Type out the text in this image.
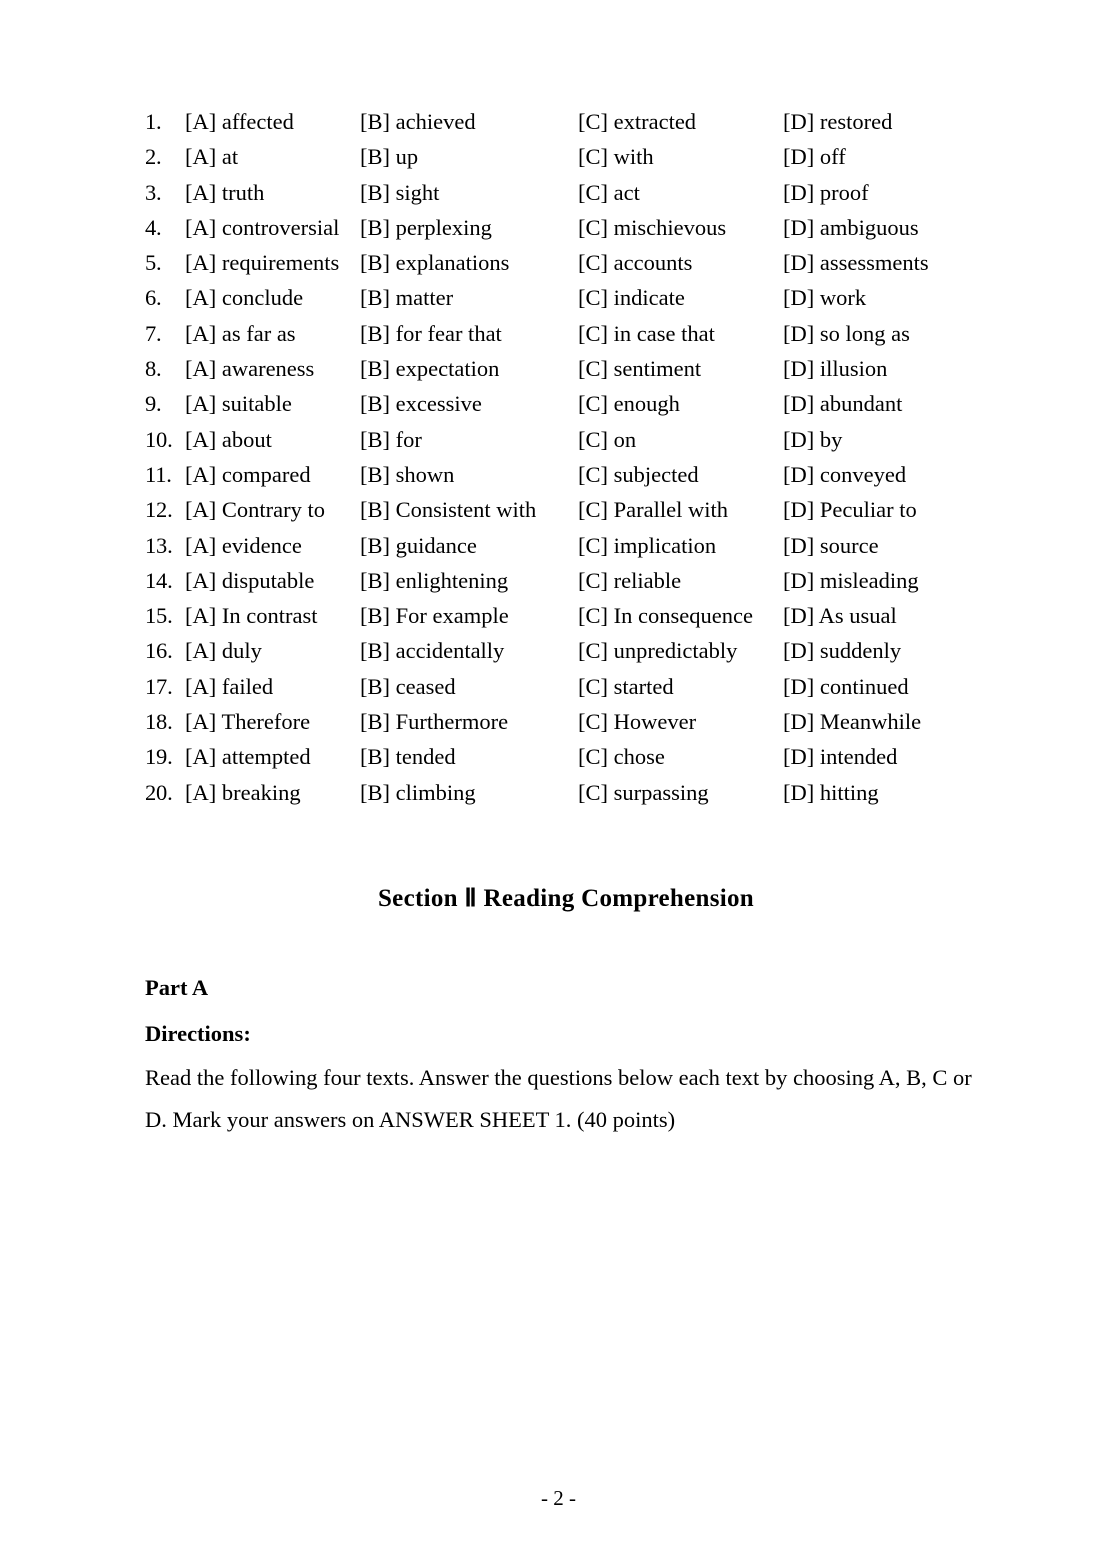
1.	[A] affected	[B] achieved	[C] extracted	[D] restored
2.	[A] at	[B] up	[C] with	[D] off
3.	[A] truth	[B] sight	[C] act	[D] proof
4.	[A] controversial [B] perplexing	[C] mischievous	[D] ambiguous
5.	[A] requirements [B] explanations	[C] accounts	[D] assessments
6.	[A] conclude	[B] matter	[C] indicate	[D] work
7.	[A] as far as	[B] for fear that	[C] in case that	[D] so long as
8.	[A] awareness	[B] expectation	[C] sentiment	[D] illusion
9.	[A] suitable	[B] excessive	[C] enough	[D] abundant
10. [A] about	[B] for	[C] on	[D] by
11. [A] compared	[B] shown	[C] subjected	[D] conveyed
12. [A] Contrary to	[B] Consistent with	[C] Parallel with	[D] Peculiar to
13. [A] evidence	[B] guidance	[C] implication	[D] source
14. [A] disputable	[B] enlightening	[C] reliable	[D] misleading
15. [A] In contrast	[B] For example	[C] In consequence	[D] As usual
16. [A] duly	[B] accidentally	[C] unpredictably	[D] suddenly
17. [A] failed	[B] ceased	[C] started	[D] continued
18. [A] Therefore	[B] Furthermore	[C] However	[D] Meanwhile
19. [A] attempted	[B] tended	[C] chose	[D] intended
20. [A] breaking	[B] climbing	[C] surpassing	[D] hitting
Section Ⅱ Reading Comprehension
Part A
Directions:
Read the following four texts. Answer the questions below each text by choosing A, B, C or D. Mark your answers on ANSWER SHEET 1. (40 points)
- 2 -
